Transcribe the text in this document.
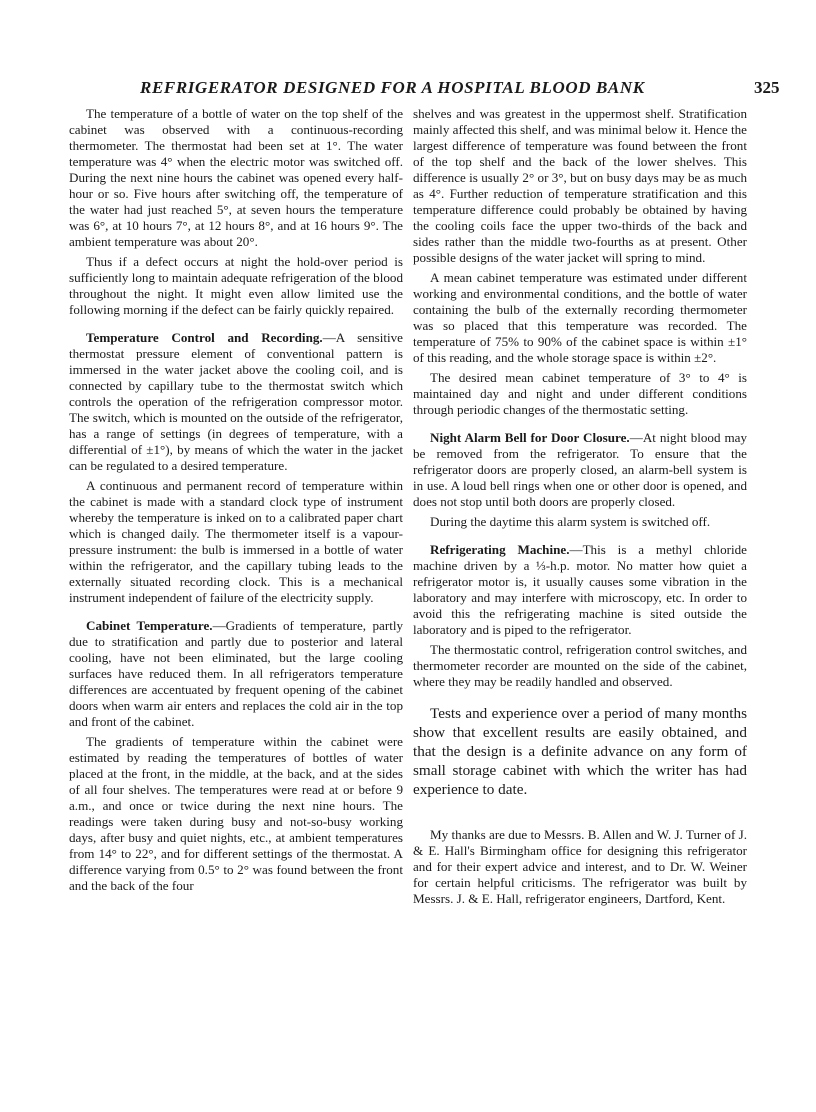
REFRIGERATOR DESIGNED FOR A HOSPITAL BLOOD BANK	325

The temperature of a bottle of water on the top shelf of the cabinet was observed with a continuous-recording thermometer. The thermostat had been set at 1°. The water temperature was 4° when the electric motor was switched off. During the next nine hours the cabinet was opened every half-hour or so. Five hours after switching off, the temperature of the water had just reached 5°, at seven hours the temperature was 6°, at 10 hours 7°, at 12 hours 8°, and at 16 hours 9°. The ambient temperature was about 20°.

Thus if a defect occurs at night the hold-over period is sufficiently long to maintain adequate refrigeration of the blood throughout the night. It might even allow limited use the following morning if the defect can be fairly quickly repaired.

Temperature Control and Recording.—A sensitive thermostat pressure element of conventional pattern is immersed in the water jacket above the cooling coil, and is connected by capillary tube to the thermostat switch which controls the operation of the refrigeration compressor motor. The switch, which is mounted on the outside of the refrigerator, has a range of settings (in degrees of temperature, with a differential of ±1°), by means of which the water in the jacket can be regulated to a desired temperature.

A continuous and permanent record of temperature within the cabinet is made with a standard clock type of instrument whereby the temperature is inked on to a calibrated paper chart which is changed daily. The thermometer itself is a vapour-pressure instrument: the bulb is immersed in a bottle of water within the refrigerator, and the capillary tubing leads to the externally situated recording clock. This is a mechanical instrument independent of failure of the electricity supply.

Cabinet Temperature.—Gradients of temperature, partly due to stratification and partly due to posterior and lateral cooling, have not been eliminated, but the large cooling surfaces have reduced them. In all refrigerators temperature differences are accentuated by frequent opening of the cabinet doors when warm air enters and replaces the cold air in the top and front of the cabinet.

The gradients of temperature within the cabinet were estimated by reading the temperatures of bottles of water placed at the front, in the middle, at the back, and at the sides of all four shelves. The temperatures were read at or before 9 a.m., and once or twice during the next nine hours. The readings were taken during busy and not-so-busy working days, after busy and quiet nights, etc., at ambient temperatures from 14° to 22°, and for different settings of the thermostat. A difference varying from 0.5° to 2° was found between the front and the back of the four

shelves and was greatest in the uppermost shelf. Stratification mainly affected this shelf, and was minimal below it. Hence the largest difference of temperature was found between the front of the top shelf and the back of the lower shelves. This difference is usually 2° or 3°, but on busy days may be as much as 4°. Further reduction of temperature stratification and this temperature difference could probably be obtained by having the cooling coils face the upper two-thirds of the back and sides rather than the middle two-fourths as at present. Other possible designs of the water jacket will spring to mind.

A mean cabinet temperature was estimated under different working and environmental conditions, and the bottle of water containing the bulb of the externally recording thermometer was so placed that this temperature was recorded. The temperature of 75% to 90% of the cabinet space is within ±1° of this reading, and the whole storage space is within ±2°.

The desired mean cabinet temperature of 3° to 4° is maintained day and night and under different conditions through periodic changes of the thermostatic setting.

Night Alarm Bell for Door Closure.—At night blood may be removed from the refrigerator. To ensure that the refrigerator doors are properly closed, an alarm-bell system is in use. A loud bell rings when one or other door is opened, and does not stop until both doors are properly closed.

During the daytime this alarm system is switched off.

Refrigerating Machine.—This is a methyl chloride machine driven by a ⅓-h.p. motor. No matter how quiet a refrigerator motor is, it usually causes some vibration in the laboratory and may interfere with microscopy, etc. In order to avoid this the refrigerating machine is sited outside the laboratory and is piped to the refrigerator.

The thermostatic control, refrigeration control switches, and thermometer recorder are mounted on the side of the cabinet, where they may be readily handled and observed.

Tests and experience over a period of many months show that excellent results are easily obtained, and that the design is a definite advance on any form of small storage cabinet with which the writer has had experience to date.

My thanks are due to Messrs. B. Allen and W. J. Turner of J. & E. Hall's Birmingham office for designing this refrigerator and for their expert advice and interest, and to Dr. W. Weiner for certain helpful criticisms. The refrigerator was built by Messrs. J. & E. Hall, refrigerator engineers, Dartford, Kent.
